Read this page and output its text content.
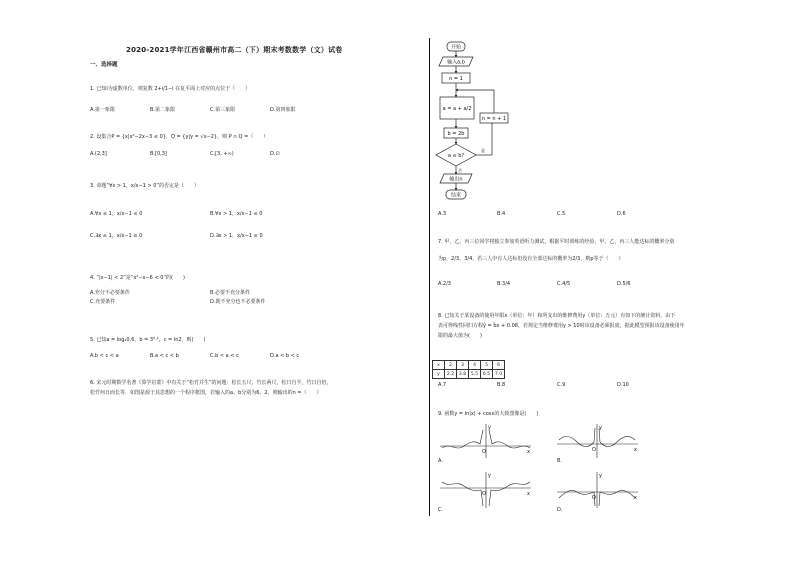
2020-2021学年江西省赣州市高二（下）期末考数数学（文）试卷
一、选择题
1. 已知i为虚数单位，则复数 2+i/1−i 在复平面上对应的点位于（　　）
A.第一象限	B.第二象限	C.第三象限	D.第四象限
2. 设集合P = {x|x²−2x−3 ≤ 0}，Q = {y|y = √x−2}，则 P ∩ Q =（　　）
A.(2,3]	B.[0,3]	C.[3, +∞)	D.∅
3. 命题“∀x > 1，x/x−1 > 0”的否定是（　　）
A.∀x ≤ 1，x/x−1 ≤ 0	B.∀x > 1，x/x−1 ≤ 0
C.∃x ≤ 1，x/x−1 ≤ 0	D.∃x > 1，x/x−1 ≤ 0
4. “|x−1| < 2”是“x²−x−6 < 0”的(　　)
A.充分不必要条件	B.必要不充分条件
C.充要条件	D.既不充分也不必要条件
5. 已知a = log₂0.6，b = 3⁰·¹，c = ln2，则(　　)
A.b < c < a	B.a < c < b	C.b < a < c	D.a < b < c
6. 宋元时期数学名著《算学启蒙》中有关于“松竹并生”的问题：松长五尺，竹长两尺，松日自半，竹日自倍，
松竹何日而长等．如图是源于其思想的一个程序框图，若输入的a、b分别为6、2，则输出的n =（　　）
开始
输入a,b
n = 1
a = a + a/2
b = 2b
a ≤ b?
是
否
n = n + 1
输出n
结束
A.3	B.4	C.5	D.6
7. 甲、乙、丙三位同学将独立参加英语听力测试，根据平时训练的经验，甲、乙、丙三人能达标的概率分别
为p，2/3，3/4，若三人中有人达标但没有全部达标的概率为2/3，则p等于（　　）
A.2/3	B.3/4	C.4/5	D.5/6
8. 已知关于某设备的使用年限x（单位：年）和所支出的维修费用y（单位：万元）有如下的统计资料，由下
表可得线性回归方程ŷ = b̂x + 0.08，若规定当维修费用y > 10时该设备必须报废，据此模型预报该设备使用年
限的最大值为(　　)
x	2	3	4	5	6
y	2.2	3.8	5.5	6.5	7.0
A.7	B.8	C.9	D.10
9. 函数y = ln|x| + cosx的大致图像是(　　)
y
x
O
A.
y
x
O
B.
y
x
O
C.
y
x
O
D.
